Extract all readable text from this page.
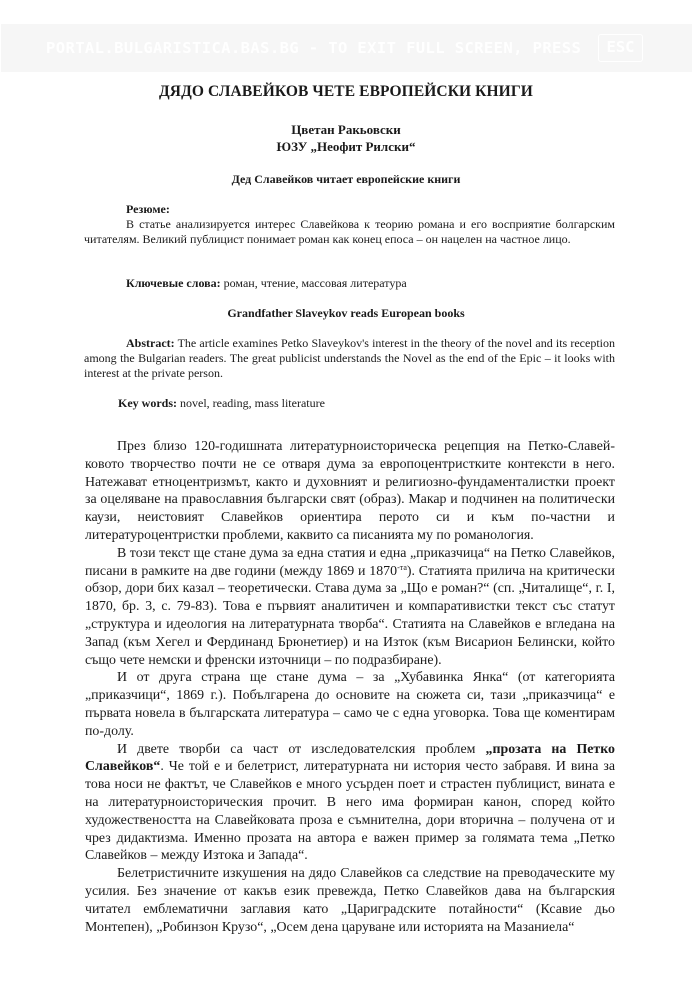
PORTAL.BULGARISTICA.BAS.BG - TO EXIT FULL SCREEN, PRESS	ESC
ДЯДО СЛАВЕЙКОВ ЧЕТЕ ЕВРОПЕЙСКИ КНИГИ
Цветан Ракьовски
ЮЗУ „Неофит Рилски“
Дед Славейков читает европейские книги
Резюме:
В статье анализируется интерес Славейкова к теорию романа и его восприятие болгарским читателям. Великий публицист понимает роман как конец епоса – он нацелен на частное лицо.
Ключевые слова: роман, чтение, массовая литература
Grandfather Slaveykov reads European books
Abstract: The article examines Petko Slaveykov's interest in the theory of the novel and its reception among the Bulgarian readers. The great publicist understands the Novel as the end of the Epic – it looks with interest at the private person.
Key words: novel, reading, mass literature

През близо 120-годишната литературноисторическа рецепция на Петко-Славейковото творчество почти не се отваря дума за европоцентристките контексти в него. Натежават етноцентризмът, както и духовният и религиозно-фундаменталистки проект за оцеляване на православния български свят (образ). Макар и подчинен на политически каузи, неистовият Славейков ориентира перото си и към по-частни и литературоцентристки проблеми, каквито са писанията му по романология.

В този текст ще стане дума за една статия и една „приказчица“ на Петко Славейков, писани в рамките на две години (между 1869 и $1870^{-та}$). Статията прилича на критически обзор, дори бих казал – теоретически. Става дума за „Що е роман?“ (сп. „Читалище“, г. I, 1870, бр. 3, с. 79-83). Това е първият аналитичен и компаративистки текст със статут „структура и идеология на литературната творба“. Статията на Славейков е вгледана на Запад (към Хегел и Фердинанд Брюнетиер) и на Изток (към Висарион Белински, който също чете немски и френски източници – по подразбиране).

И от друга страна ще стане дума – за „Хубавинка Янка“ (от категорията „приказчици“, 1869 г.). Побългарена до основите на сюжета си, тази „приказчица“ е първата новела в българската литература – само че с една уговорка. Това ще коментирам по-долу.

И двете творби са част от изследователския проблем „прозата на Петко Славейков“. Че той е и белетрист, литературната ни история често забравя. И вина за това носи не фактът, че Славейков е много усърден поет и страстен публицист, вината е на литературноисторическия прочит. В него има формиран канон, според който художествеността на Славейковата проза е съмнителна, дори вторична – получена от и чрез дидактизма. Именно прозата на автора е важен пример за голямата тема „Петко Славейков – между Изтока и Запада“.

Белетристичните изкушения на дядо Славейков са следствие на преводаческите му усилия. Без значение от какъв език превежда, Петко Славейков дава на българския читател емблематични заглавия като „Цариградските потайности“ (Ксавие дьо Монтепен), „Робинзон Крузо“, „Осем дена царуване или историята на Мазаниела“
